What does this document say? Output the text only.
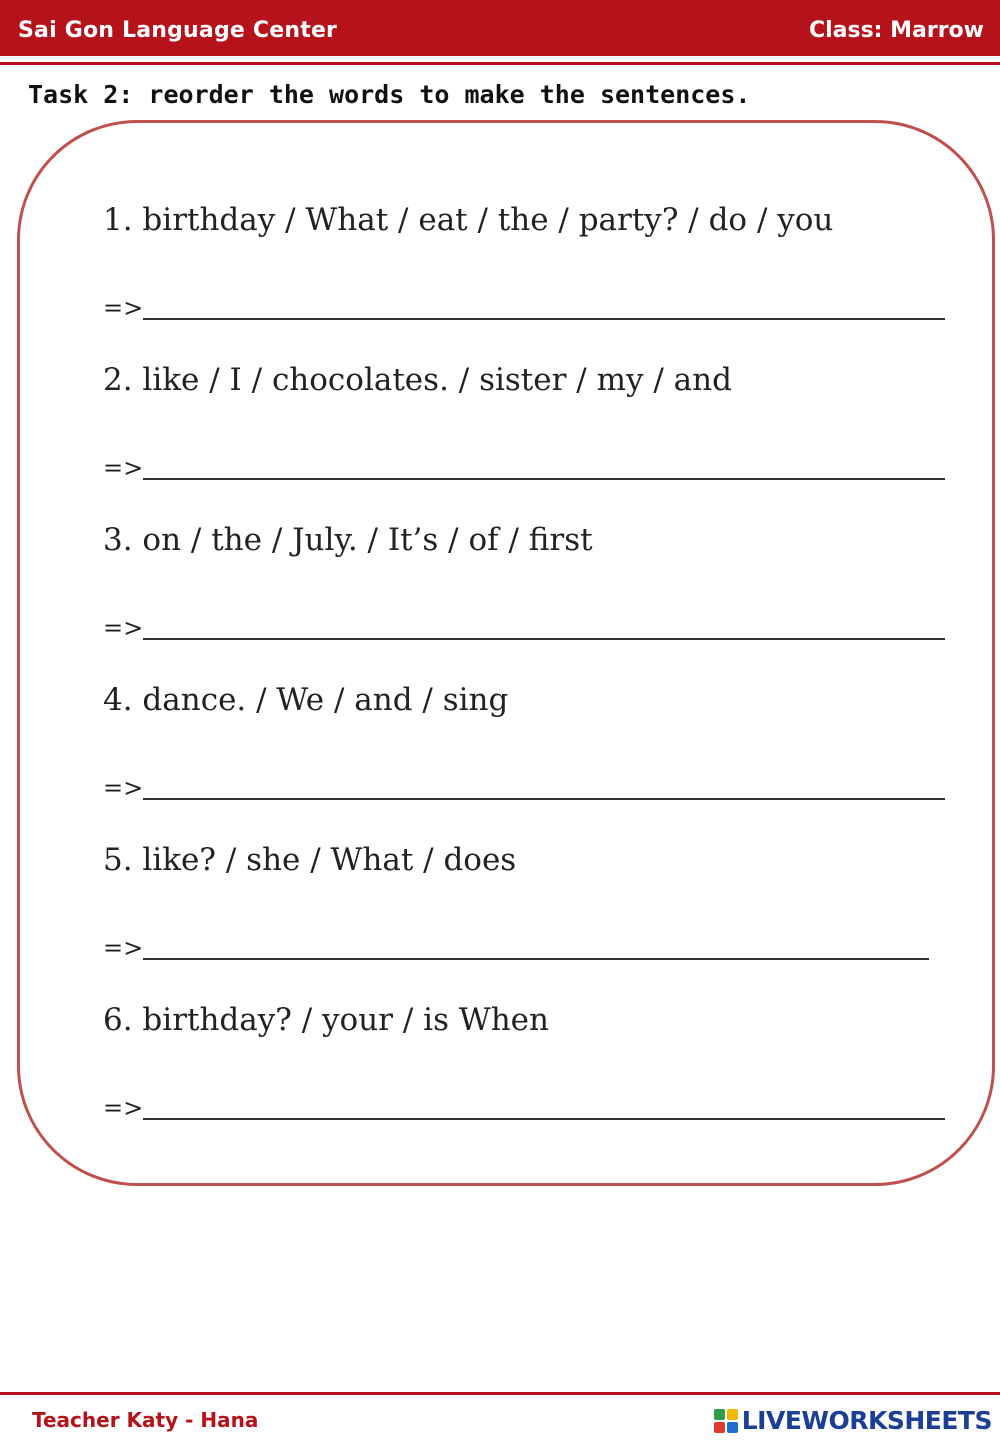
Sai Gon Language Center	Class: Marrow
Task 2: reorder the words to make the sentences.
1. birthday / What / eat / the / party? / do / you
=>
2. like / I / chocolates. / sister / my / and
=>
3. on / the / July. / It’s / of / first
=>
4. dance. / We / and / sing
=>
5. like? / she / What / does
=>
6. birthday? / your / is When
=>
Teacher Katy - Hana	LIVEWORKSHEETS
